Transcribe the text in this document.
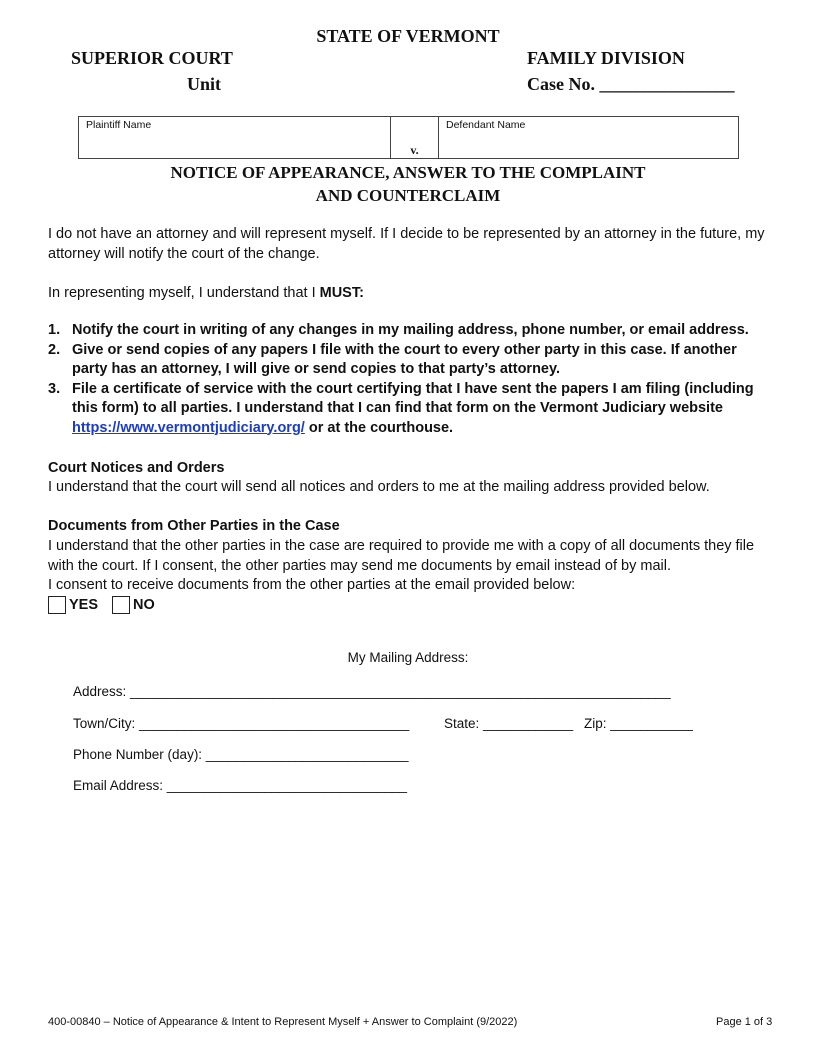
STATE OF VERMONT
SUPERIOR COURT
Unit
FAMILY DIVISION
Case No. _______________
Plaintiff Name
v.
Defendant Name
NOTICE OF APPEARANCE, ANSWER TO THE COMPLAINT
AND COUNTERCLAIM
I do not have an attorney and will represent myself. If I decide to be represented by an attorney in the future, my attorney will notify the court of the change.
In representing myself, I understand that I MUST:
1. Notify the court in writing of any changes in my mailing address, phone number, or email address.
2. Give or send copies of any papers I file with the court to every other party in this case. If another party has an attorney, I will give or send copies to that party’s attorney.
3. File a certificate of service with the court certifying that I have sent the papers I am filing (including this form) to all parties. I understand that I can find that form on the Vermont Judiciary website https://www.vermontjudiciary.org/ or at the courthouse.
Court Notices and Orders
I understand that the court will send all notices and orders to me at the mailing address provided below.
Documents from Other Parties in the Case
I understand that the other parties in the case are required to provide me with a copy of all documents they file with the court. If I consent, the other parties may send me documents by email instead of by mail.
I consent to receive documents from the other parties at the email provided below:
YES NO
My Mailing Address:
Address: ________________________________________________________________________
Town/City: ____________________________________	State: ____________ Zip: ___________
Phone Number (day): ___________________________
Email Address: ________________________________
400-00840 – Notice of Appearance & Intent to Represent Myself + Answer to Complaint (9/2022)	Page 1 of 3
